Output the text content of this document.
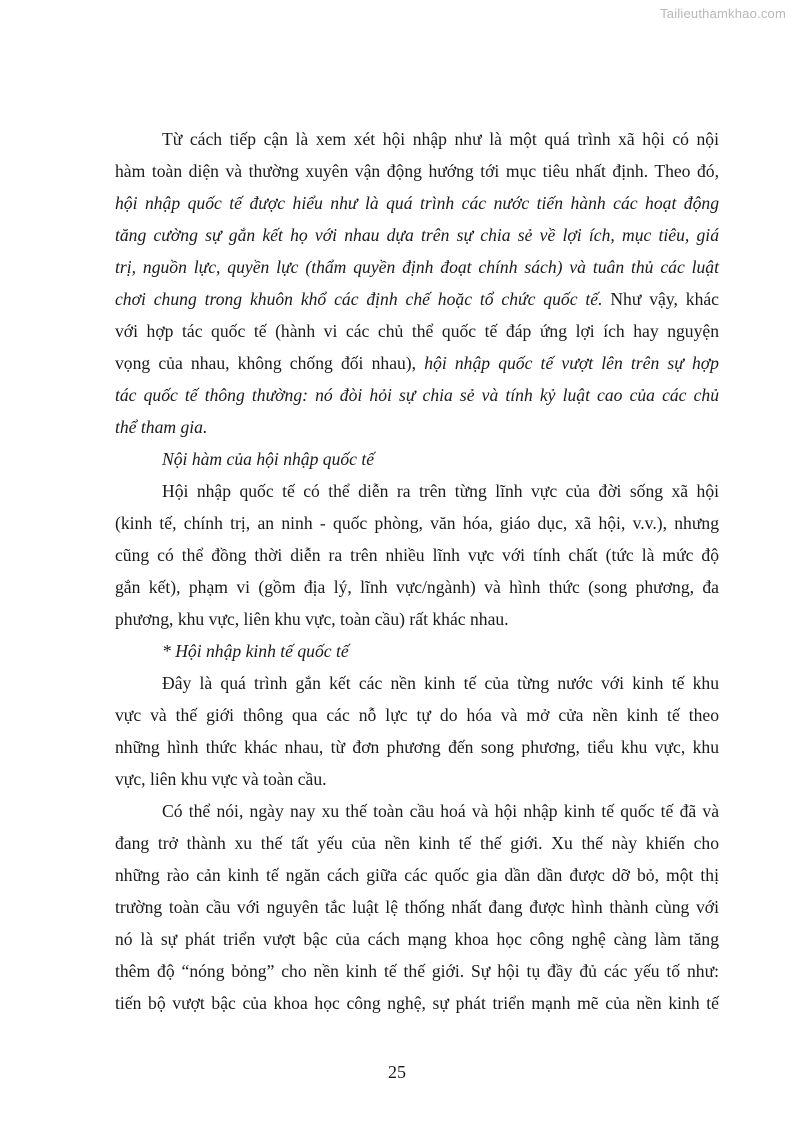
Tailieuthamkhao.com
Từ cách tiếp cận là xem xét hội nhập như là một quá trình xã hội có nội
hàm toàn diện và thường xuyên vận động hướng tới mục tiêu nhất định. Theo đó,
hội nhập quốc tế được hiểu như là quá trình các nước tiến hành các hoạt động
tăng cường sự gắn kết họ với nhau dựa trên sự chia sẻ về lợi ích, mục tiêu, giá
trị, nguồn lực, quyền lực (thẩm quyền định đoạt chính sách) và tuân thủ các luật
chơi chung trong khuôn khổ các định chế hoặc tổ chức quốc tế. Như vậy, khác
với hợp tác quốc tế (hành vi các chủ thể quốc tế đáp ứng lợi ích hay nguyện
vọng của nhau, không chống đối nhau), hội nhập quốc tế vượt lên trên sự hợp
tác quốc tế thông thường: nó đòi hỏi sự chia sẻ và tính kỷ luật cao của các chủ
thể tham gia.
Nội hàm của hội nhập quốc tế
Hội nhập quốc tế có thể diễn ra trên từng lĩnh vực của đời sống xã hội
(kinh tế, chính trị, an ninh - quốc phòng, văn hóa, giáo dục, xã hội, v.v.), nhưng
cũng có thể đồng thời diễn ra trên nhiều lĩnh vực với tính chất (tức là mức độ
gắn kết), phạm vi (gồm địa lý, lĩnh vực/ngành) và hình thức (song phương, đa
phương, khu vực, liên khu vực, toàn cầu) rất khác nhau.
* Hội nhập kinh tế quốc tế
Đây là quá trình gắn kết các nền kinh tế của từng nước với kinh tế khu
vực và thế giới thông qua các nỗ lực tự do hóa và mở cửa nền kinh tế theo
những hình thức khác nhau, từ đơn phương đến song phương, tiểu khu vực, khu
vực, liên khu vực và toàn cầu.
Có thể nói, ngày nay xu thế toàn cầu hoá và hội nhập kinh tế quốc tế đã và
đang trở thành xu thế tất yếu của nền kinh tế thế giới. Xu thế này khiến cho
những rào cản kinh tế ngăn cách giữa các quốc gia dần dần được dỡ bỏ, một thị
trường toàn cầu với nguyên tắc luật lệ thống nhất đang được hình thành cùng với
nó là sự phát triển vượt bậc của cách mạng khoa học công nghệ càng làm tăng
thêm độ “nóng bỏng” cho nền kinh tế thế giới. Sự hội tụ đầy đủ các yếu tố như:
tiến bộ vượt bậc của khoa học công nghệ, sự phát triển mạnh mẽ của nền kinh tế
25
